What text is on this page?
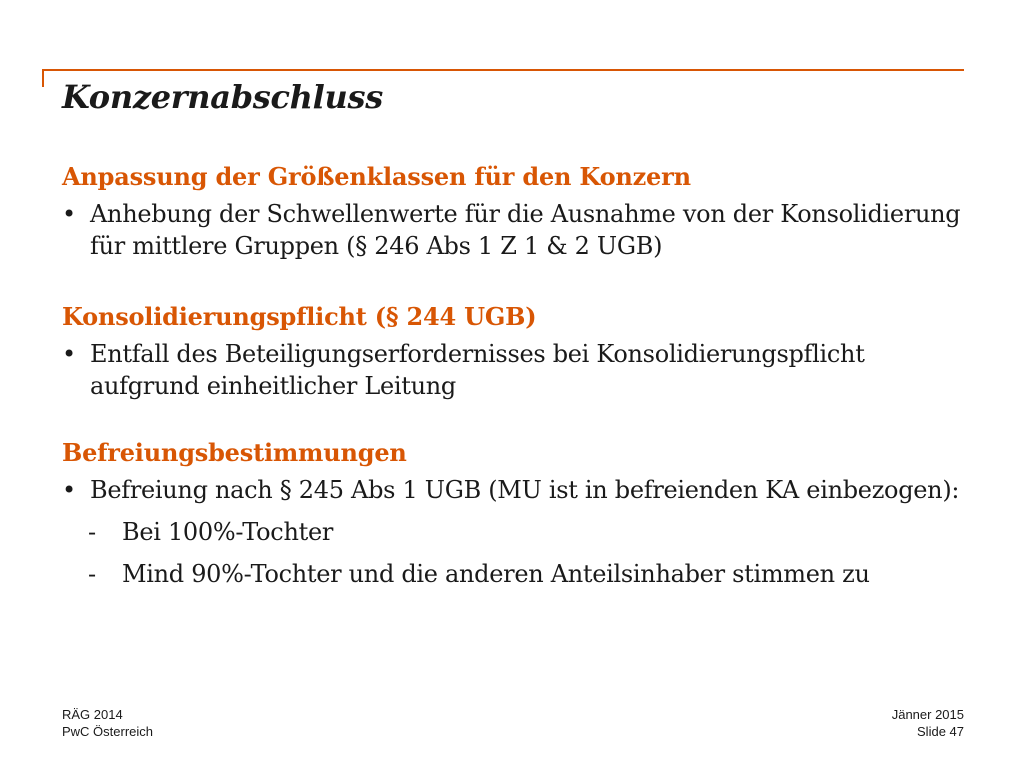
Konzernabschluss
Anpassung der Größenklassen für den Konzern

• Anhebung der Schwellenwerte für die Ausnahme von der Konsolidierung für mittlere Gruppen (§ 246 Abs 1 Z 1 & 2 UGB)

Konsolidierungspflicht (§ 244 UGB)

• Entfall des Beteiligungserfordernisses bei Konsolidierungspflicht aufgrund einheitlicher Leitung

Befreiungsbestimmungen

• Befreiung nach § 245 Abs 1 UGB (MU ist in befreienden KA einbezogen):

- Bei 100%-Tochter

- Mind 90%-Tochter und die anderen Anteilsinhaber stimmen zu

RÄG 2014
PwC Österreich
Jänner 2015
Slide 47
